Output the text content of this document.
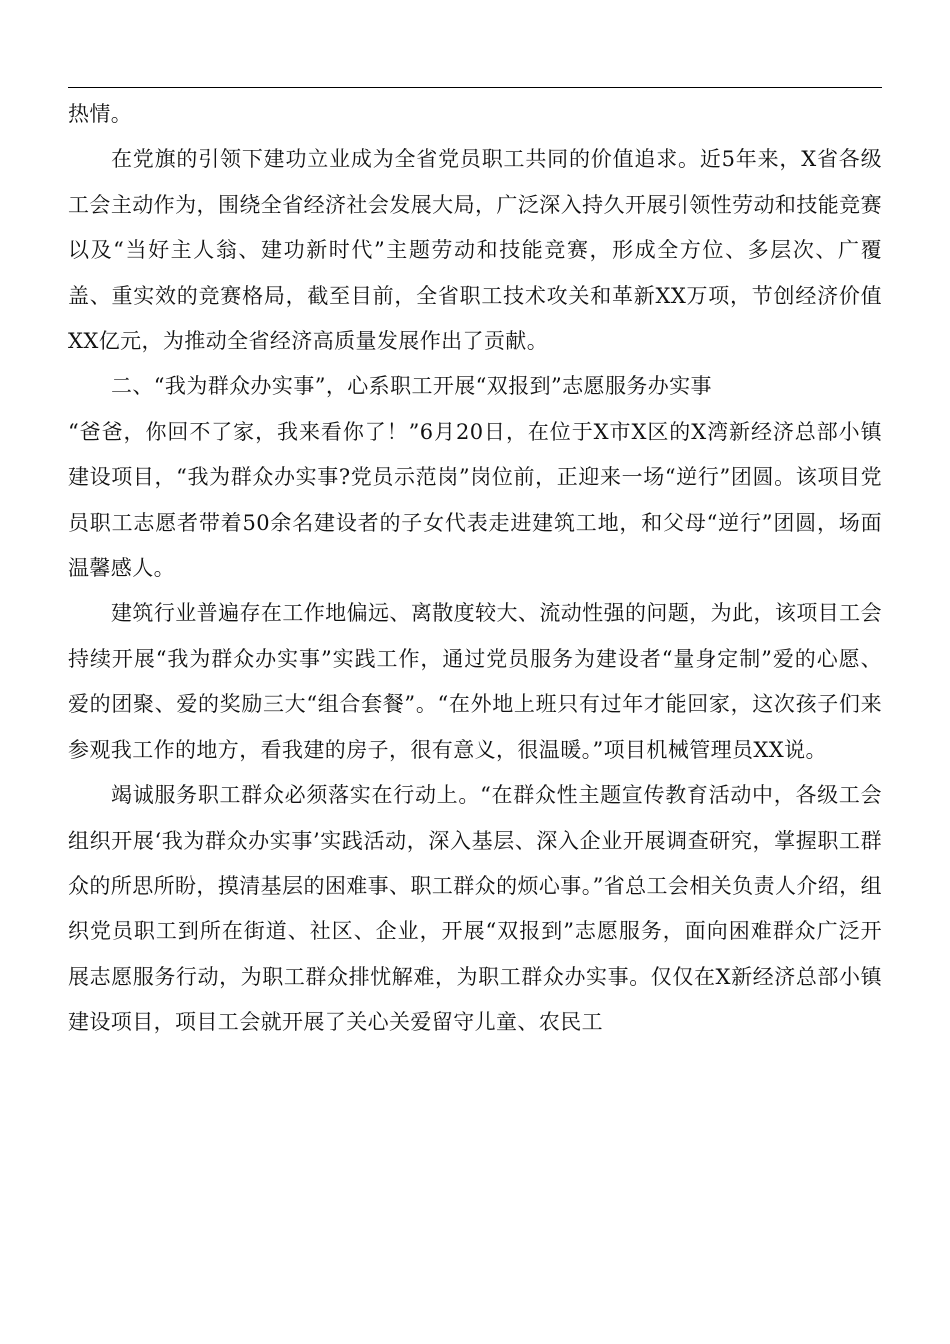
热情。

在党旗的引领下建功立业成为全省党员职工共同的价值追求。近5年来，X省各级工会主动作为，围绕全省经济社会发展大局，广泛深入持久开展引领性劳动和技能竞赛以及“当好主人翁、建功新时代”主题劳动和技能竞赛，形成全方位、多层次、广覆盖、重实效的竞赛格局，截至目前，全省职工技术攻关和革新XX万项，节创经济价值XX亿元，为推动全省经济高质量发展作出了贡献。

二、“我为群众办实事”，心系职工开展“双报到”志愿服务办实事

“爸爸，你回不了家，我来看你了！”6月20日，在位于X市X区的X湾新经济总部小镇建设项目，“我为群众办实事?党员示范岗”岗位前，正迎来一场“逆行”团圆。该项目党员职工志愿者带着50余名建设者的子女代表走进建筑工地，和父母“逆行”团圆，场面温馨感人。

建筑行业普遍存在工作地偏远、离散度较大、流动性强的问题，为此，该项目工会持续开展“我为群众办实事”实践工作，通过党员服务为建设者“量身定制”爱的心愿、爱的团聚、爱的奖励三大“组合套餐”。“在外地上班只有过年才能回家，这次孩子们来参观我工作的地方，看我建的房子，很有意义，很温暖。”项目机械管理员XX说。

竭诚服务职工群众必须落实在行动上。“在群众性主题宣传教育活动中，各级工会组织开展‘我为群众办实事’实践活动，深入基层、深入企业开展调查研究，掌握职工群众的所思所盼，摸清基层的困难事、职工群众的烦心事。”省总工会相关负责人介绍，组织党员职工到所在街道、社区、企业，开展“双报到”志愿服务，面向困难群众广泛开展志愿服务行动，为职工群众排忧解难，为职工群众办实事。仅仅在X新经济总部小镇建设项目，项目工会就开展了关心关爱留守儿童、农民工
